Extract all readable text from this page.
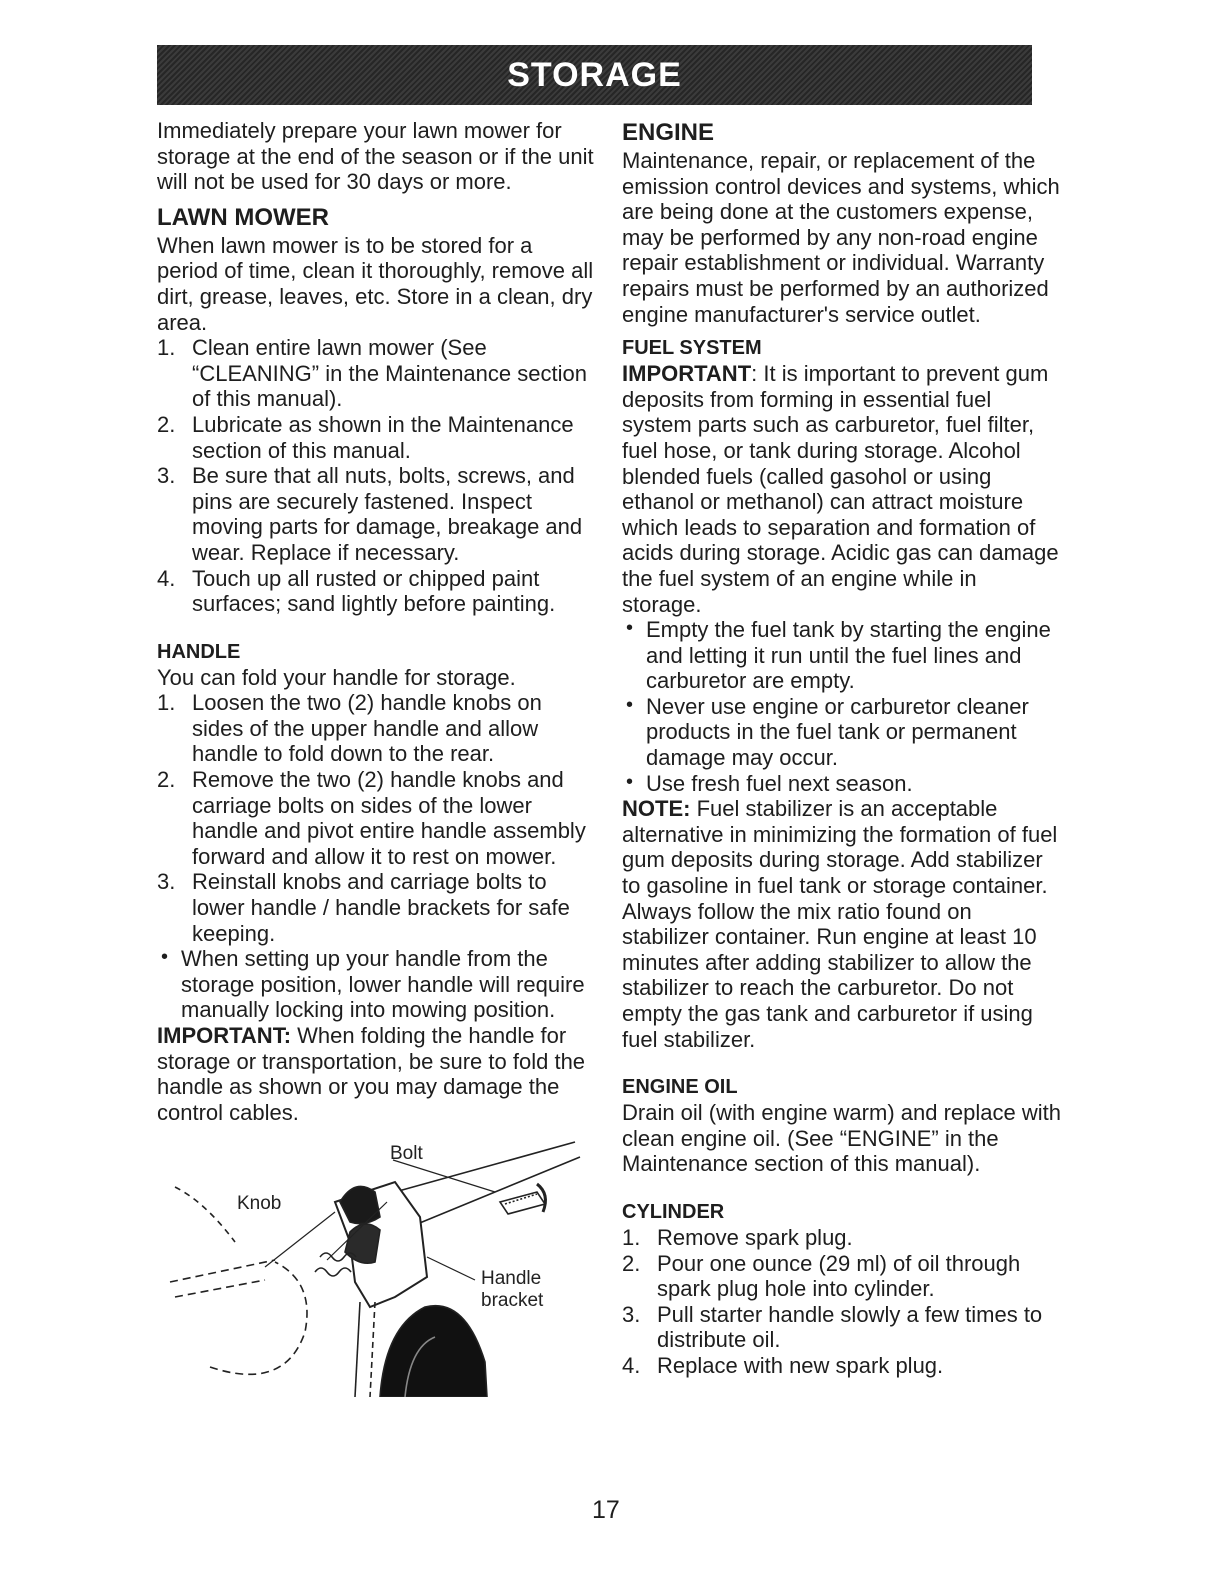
STORAGE

Immediately prepare your lawn mower for storage at the end of the season or if the unit will not be used for 30 days or more.

LAWN MOWER

When lawn mower is to be stored for a period of time, clean it thoroughly, remove all dirt, grease, leaves, etc. Store in a clean, dry area.

1. Clean entire lawn mower (See “CLEANING” in the Maintenance section of this manual).
2. Lubricate as shown in the Maintenance section of this manual.
3. Be sure that all nuts, bolts, screws, and pins are securely fastened. Inspect moving parts for damage, breakage and wear. Replace if necessary.
4. Touch up all rusted or chipped paint surfaces; sand lightly before painting.
HANDLE

You can fold your handle for storage.

1. Loosen the two (2) handle knobs on sides of the upper handle and allow handle to fold down to the rear.
2. Remove the two (2) handle knobs and carriage bolts on sides of the lower handle and pivot entire handle assembly forward and allow it to rest on mower.
3. Reinstall knobs and carriage bolts to lower handle / handle brackets for safe keeping.
• When setting up your handle from the storage position, lower handle will require manually locking into mowing position.

IMPORTANT: When folding the handle for storage or transportation, be sure to fold the handle as shown or you may damage the control cables.

Bolt
Knob
Handle
bracket
ENGINE

Maintenance, repair, or replacement of the emission control devices and systems, which are being done at the customers expense, may be performed by any non-road engine repair establishment or individual. Warranty repairs must be performed by an authorized engine manufacturer's service outlet.

FUEL SYSTEM

IMPORTANT: It is important to prevent gum deposits from forming in essential fuel system parts such as carburetor, fuel filter, fuel hose, or tank during storage. Alcohol blended fuels (called gasohol or using ethanol or methanol) can attract moisture which leads to separation and formation of acids during storage. Acidic gas can damage the fuel system of an engine while in storage.

• Empty the fuel tank by starting the engine and letting it run until the fuel lines and carburetor are empty.
• Never use engine or carburetor cleaner products in the fuel tank or permanent damage may occur.
• Use fresh fuel next season.

NOTE: Fuel stabilizer is an acceptable alternative in minimizing the formation of fuel gum deposits during storage. Add stabilizer to gasoline in fuel tank or storage container. Always follow the mix ratio found on stabilizer container. Run engine at least 10 minutes after adding stabilizer to allow the stabilizer to reach the carburetor. Do not empty the gas tank and carburetor if using fuel stabilizer.

ENGINE OIL

Drain oil (with engine warm) and replace with clean engine oil. (See “ENGINE” in the Maintenance section of this manual).

CYLINDER
1. Remove spark plug.
2. Pour one ounce (29 ml) of oil through spark plug hole into cylinder.
3. Pull starter handle slowly a few times to distribute oil.
4. Replace with new spark plug.
17
